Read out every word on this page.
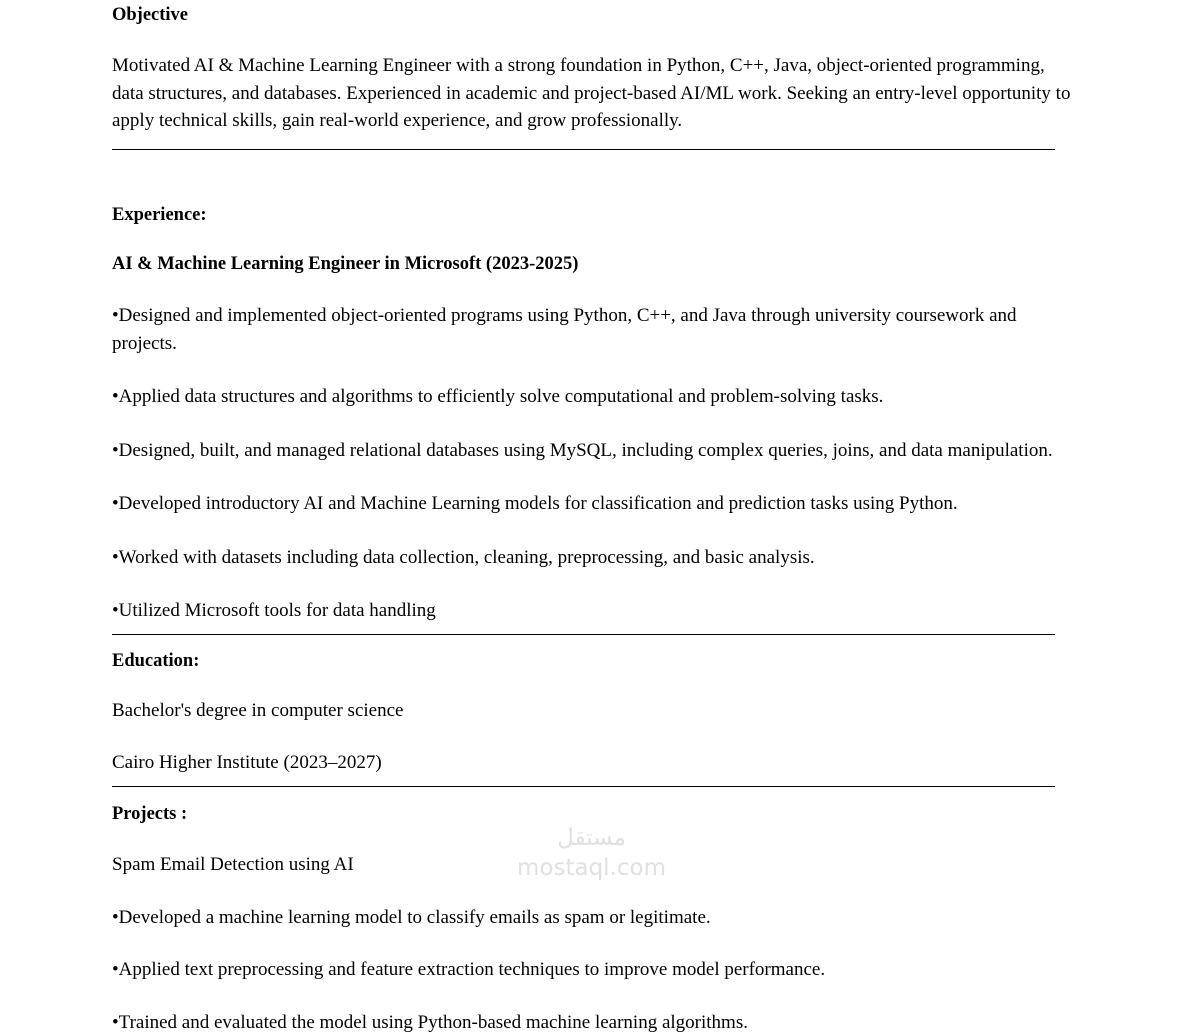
Objective
Motivated AI & Machine Learning Engineer with a strong foundation in Python, C++, Java, object-oriented programming, data structures, and databases. Experienced in academic and project-based AI/ML work. Seeking an entry-level opportunity to apply technical skills, gain real-world experience, and grow professionally.
Experience:
AI & Machine Learning Engineer in Microsoft (2023-2025)
•Designed and implemented object-oriented programs using Python, C++, and Java through university coursework and projects.
•Applied data structures and algorithms to efficiently solve computational and problem-solving tasks.
•Designed, built, and managed relational databases using MySQL, including complex queries, joins, and data manipulation.
•Developed introductory AI and Machine Learning models for classification and prediction tasks using Python.
•Worked with datasets including data collection, cleaning, preprocessing, and basic analysis.
•Utilized Microsoft tools for data handling
Education:
Bachelor's degree in computer science
Cairo Higher Institute (2023–2027)
Projects :
Spam Email Detection using AI
•Developed a machine learning model to classify emails as spam or legitimate.
•Applied text preprocessing and feature extraction techniques to improve model performance.
•Trained and evaluated the model using Python-based machine learning algorithms.
مستقل
mostaql.com
